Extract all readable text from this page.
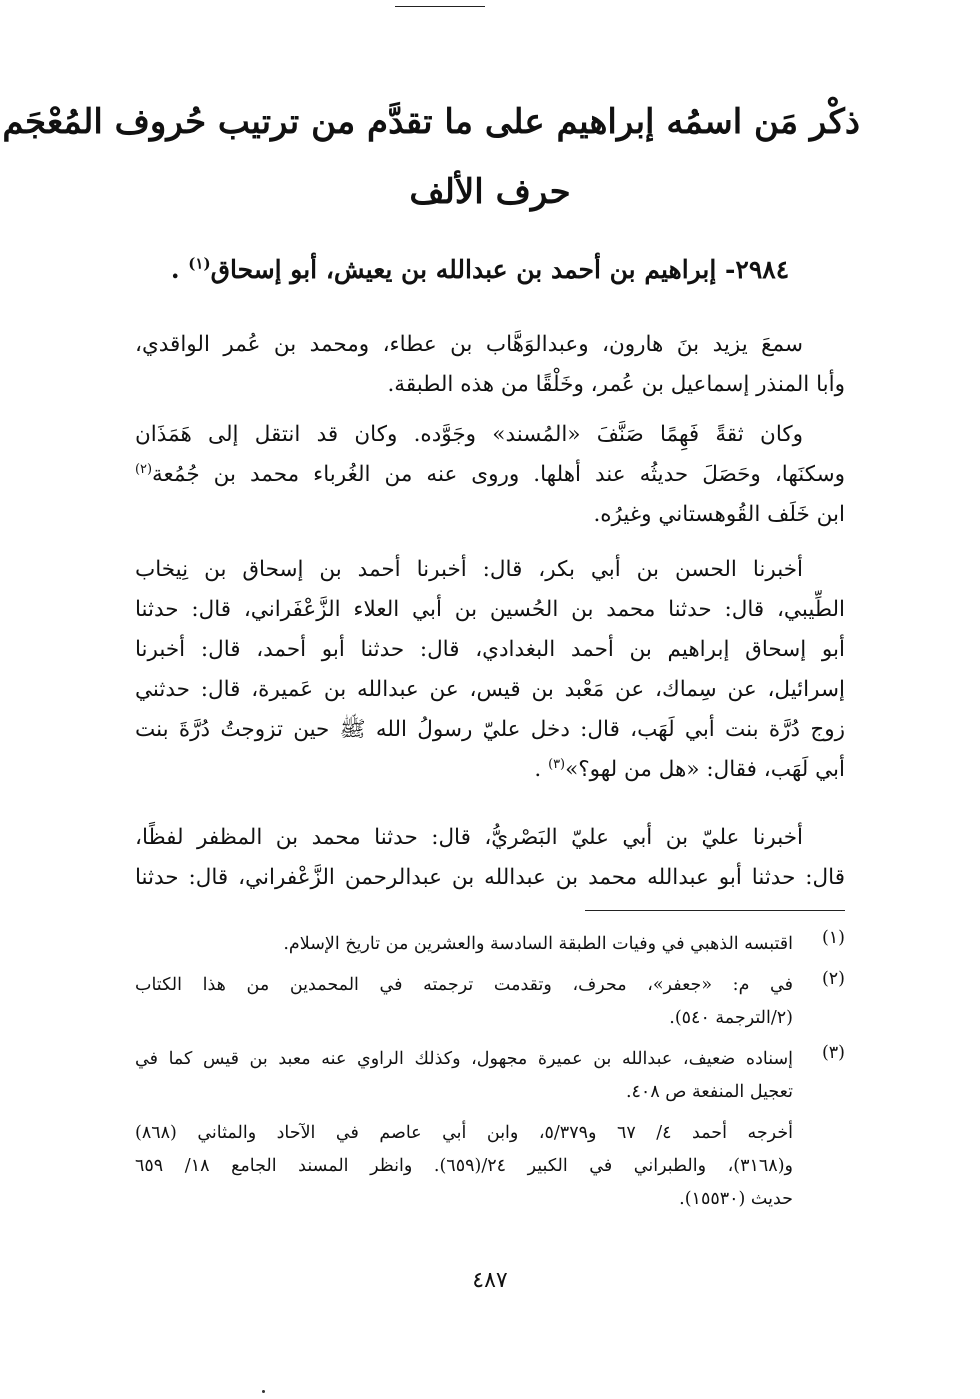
ذكْر مَن اسمُه إبراهيم على ما تقدَّم من ترتيب حُروف المُعْجَم
حرف الألف
٢٩٨٤- إبراهيم بن أحمد بن عبدالله بن يعيش، أبو إسحاق$^{(١)}$ .
سمعَ يزيد بنَ هارون، وعبدالوَهَّاب بن عطاء، ومحمد بن عُمر الواقدي،
وأبا المنذر إسماعيل بن عُمر، وخَلْقًا من هذه الطبقة.
وكان ثقةً فَهِمًا صَنَّفَ «المُسند» وجَوَّده. وكان قد انتقل إلى هَمَذَان
وسكنَها، وحَصَلَ حديثُه عند أهلها. وروى عنه من الغُرباء محمد بن جُمُعة$^{(٢)}$
ابن خَلَف القُوهستاني وغيرُه.
أخبرنا الحسن بن أبي بكر، قال: أخبرنا أحمد بن إسحاق بن نِيخاب
الطِّيبي، قال: حدثنا محمد بن الحُسين بن أبي العلاء الزَّعْفَراني، قال: حدثنا
أبو إسحاق إبراهيم بن أحمد البغدادي، قال: حدثنا أبو أحمد، قال: أخبرنا
إسرائيل، عن سِماك، عن مَعْبد بن قيس، عن عبدالله بن عَميرة، قال: حدثني
زوج دُرَّة بنت أبي لَهَب، قال: دخل عليّ رسولُ الله ﷺ حين تزوجتُ دُرَّةَ بنت
أبي لَهَب، فقال: «هل من لهو؟»$^{(٣)}$ .
أخبرنا عليّ بن أبي عليّ البَصْريُّ، قال: حدثنا محمد بن المظفر لفظًا،
قال: حدثنا أبو عبدالله محمد بن عبدالله بن عبدالرحمن الزَّعْفراني، قال: حدثنا
(١)
اقتبسه الذهبي في وفيات الطبقة السادسة والعشرين من تاريخ الإسلام.
(٢)
في م: «جعفر»، محرف، وتقدمت ترجمته في المحمدين من هذا الكتاب
(٢/الترجمة ٥٤٠).
(٣)
إسناده ضعيف، عبدالله بن عميرة مجهول، وكذلك الراوي عنه معبد بن قيس كما في
تعجيل المنفعة ص ٤٠٨.
أخرجه أحمد ٤/ ٦٧ و٥/٣٧٩، وابن أبي عاصم في الآحاد والمثاني (٨٦٨)
و(٣١٦٨)، والطبراني في الكبير ٢٤/(٦٥٩). وانظر المسند الجامع ١٨/ ٦٥٩
حديث (١٥٥٣٠).
٤٨٧
